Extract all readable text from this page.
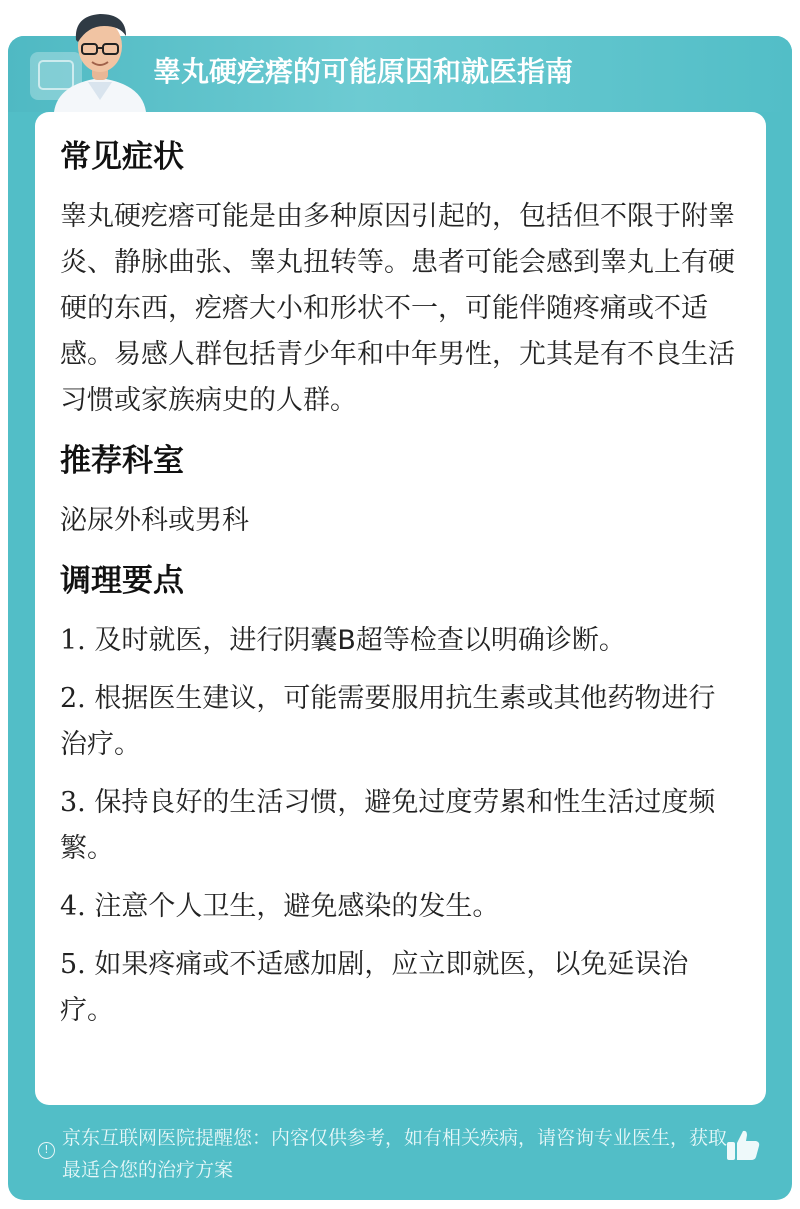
睾丸硬疙瘩的可能原因和就医指南
常见症状
睾丸硬疙瘩可能是由多种原因引起的，包括但不限于附睾炎、静脉曲张、睾丸扭转等。患者可能会感到睾丸上有硬硬的东西，疙瘩大小和形状不一，可能伴随疼痛或不适感。易感人群包括青少年和中年男性，尤其是有不良生活习惯或家族病史的人群。
推荐科室
泌尿外科或男科
调理要点
1. 及时就医，进行阴囊B超等检查以明确诊断。
2. 根据医生建议，可能需要服用抗生素或其他药物进行治疗。
3. 保持良好的生活习惯，避免过度劳累和性生活过度频繁。
4. 注意个人卫生，避免感染的发生。
5. 如果疼痛或不适感加剧，应立即就医，以免延误治疗。
!
京东互联网医院提醒您：内容仅供参考，如有相关疾病，请咨询专业医生，获取最适合您的治疗方案
